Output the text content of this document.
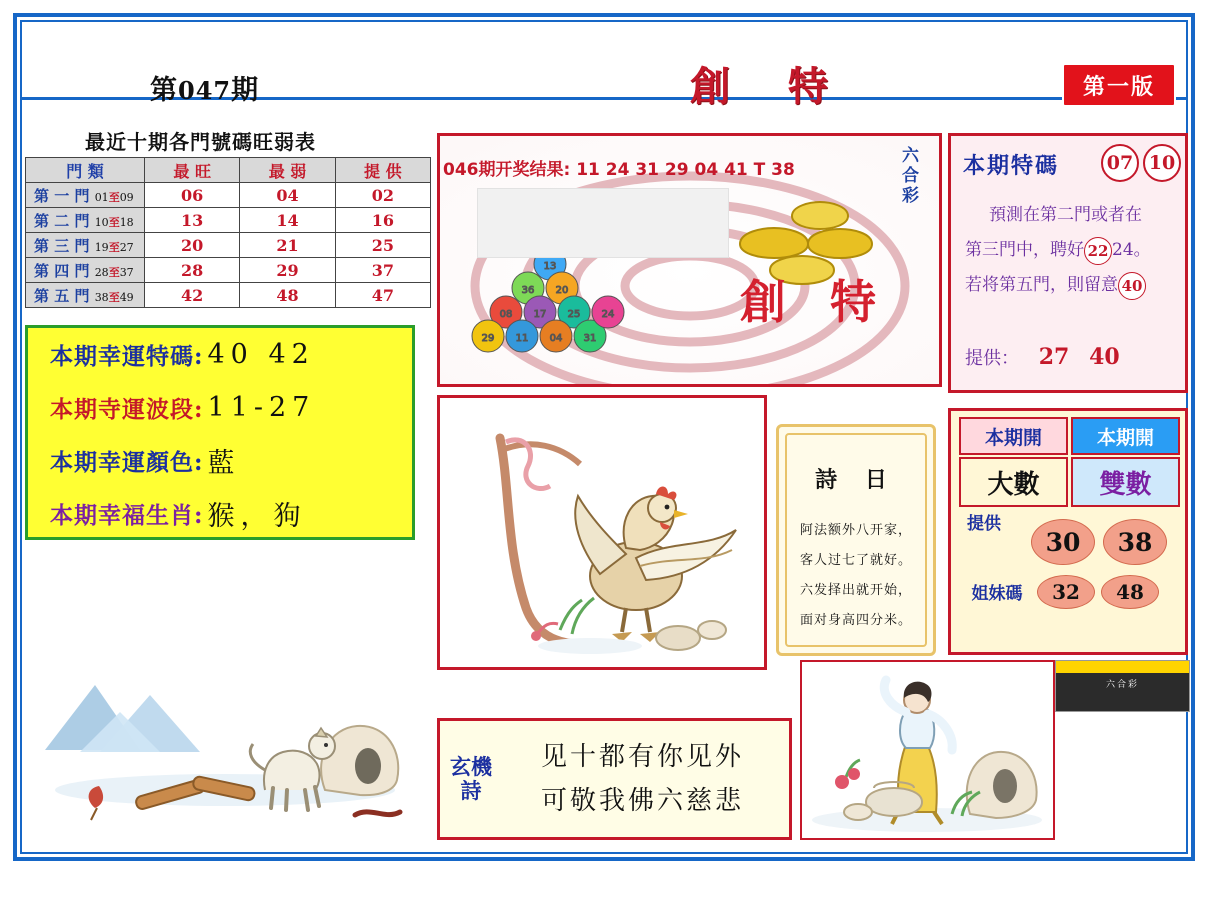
第047期	創 特	第一版
最近十期各門號碼旺弱表
門 類	最 旺	最 弱	提 供
第 一 門 01至09	06	04	02
第 二 門 10至18	13	14	16
第 三 門 19至27	20	21	25
第 四 門 28至37	28	29	37
第 五 門 38至49	42	48	47
本期幸運特碼: 40 42
本期寺運波段: 11-27
本期幸運顏色: 藍
本期幸福生肖: 猴，狗
13
36 20
08 17 25
29 11 04 31
24
六合彩
創 特
046期开奖结果: 11 24 31 29 04 41 T 38
玄機詩
见十都有你见外
可敬我佛六慈悲
詩 日
阿法额外八开家，
客人过七了就好。
六发择出就开始，
面对身高四分米。
六合彩
本期特碼	07 10
預測在第二門或者在
第三門中，聘好 22 24。
若将第五門，則留意 40
提供： 27 40
本期開	本期開
大數	雙數
提供
30	38
姐妹碼	32	48
